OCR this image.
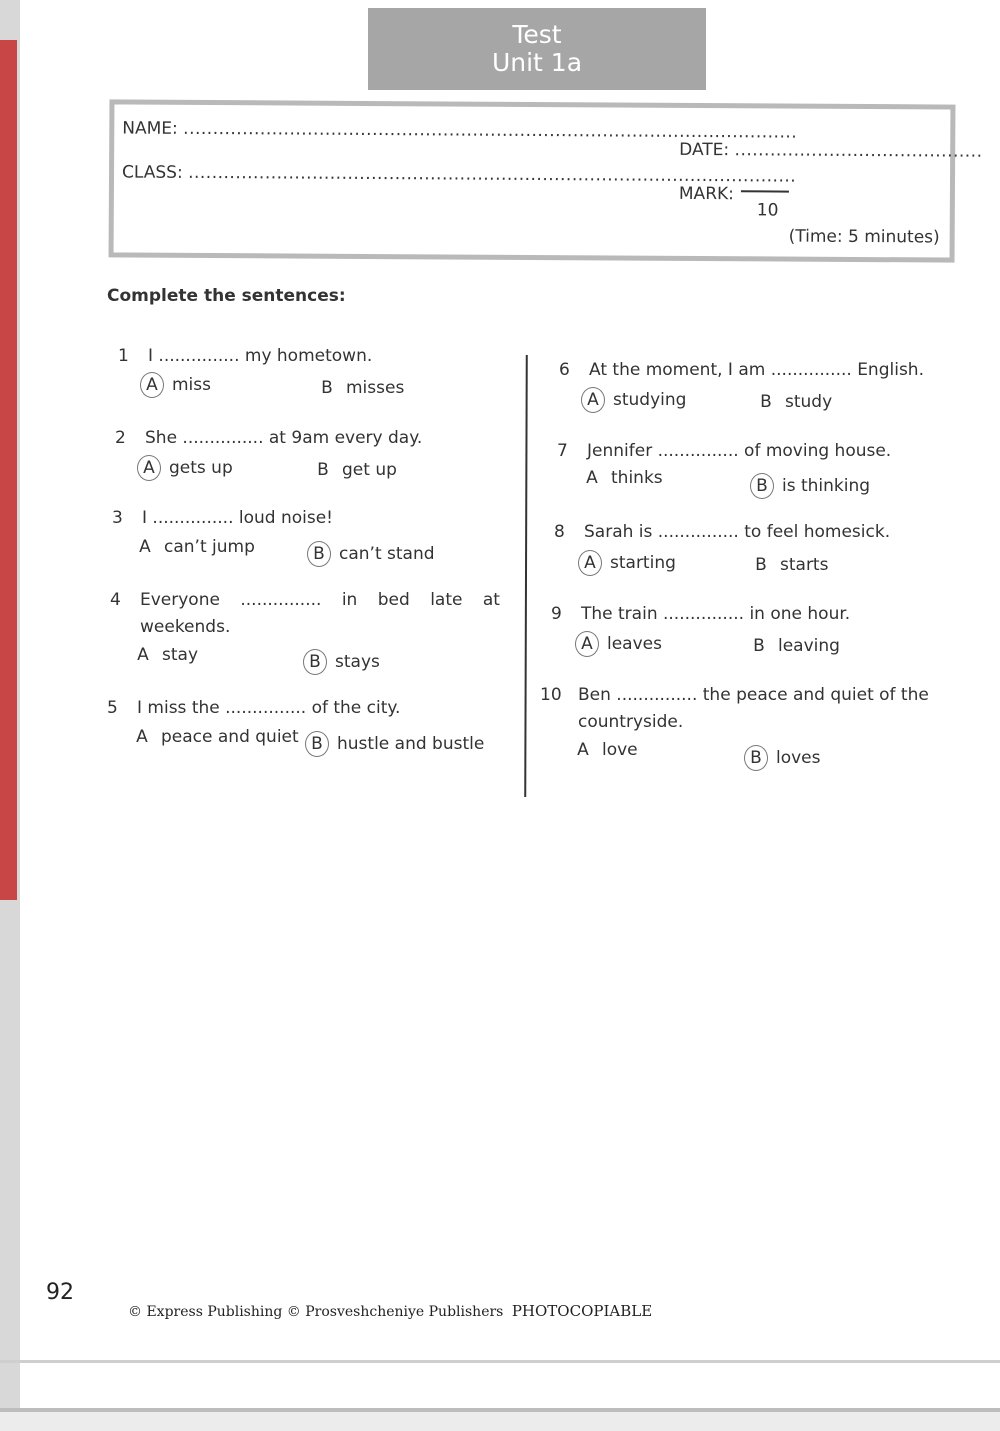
Test
Unit 1a
NAME: ........................................................................................................
CLASS: .......................................................................................................
DATE: ..........................................
MARK:
10
(Time: 5 minutes)
Complete the sentences:
1 I ............... my hometown.
A miss	B misses
2 She ............... at 9am every day.
A gets up	B get up
3 I ............... loud noise!
A can’t jump	B can’t stand
4 Everyone ............... in bed late at
weekends.
A stay	B stays
5 I miss the ............... of the city.
A peace and quiet B hustle and bustle
6 At the moment, I am ............... English.
A studying	B study
7 Jennifer ............... of moving house.
A thinks	B is thinking
8 Sarah is ............... to feel homesick.
A starting	B starts
9 The train ............... in one hour.
A leaves	B leaving
10 Ben ............... the peace and quiet of the
countryside.
A love	B loves
92
© Express Publishing © Prosveshcheniye Publishers PHOTOCOPIABLE
